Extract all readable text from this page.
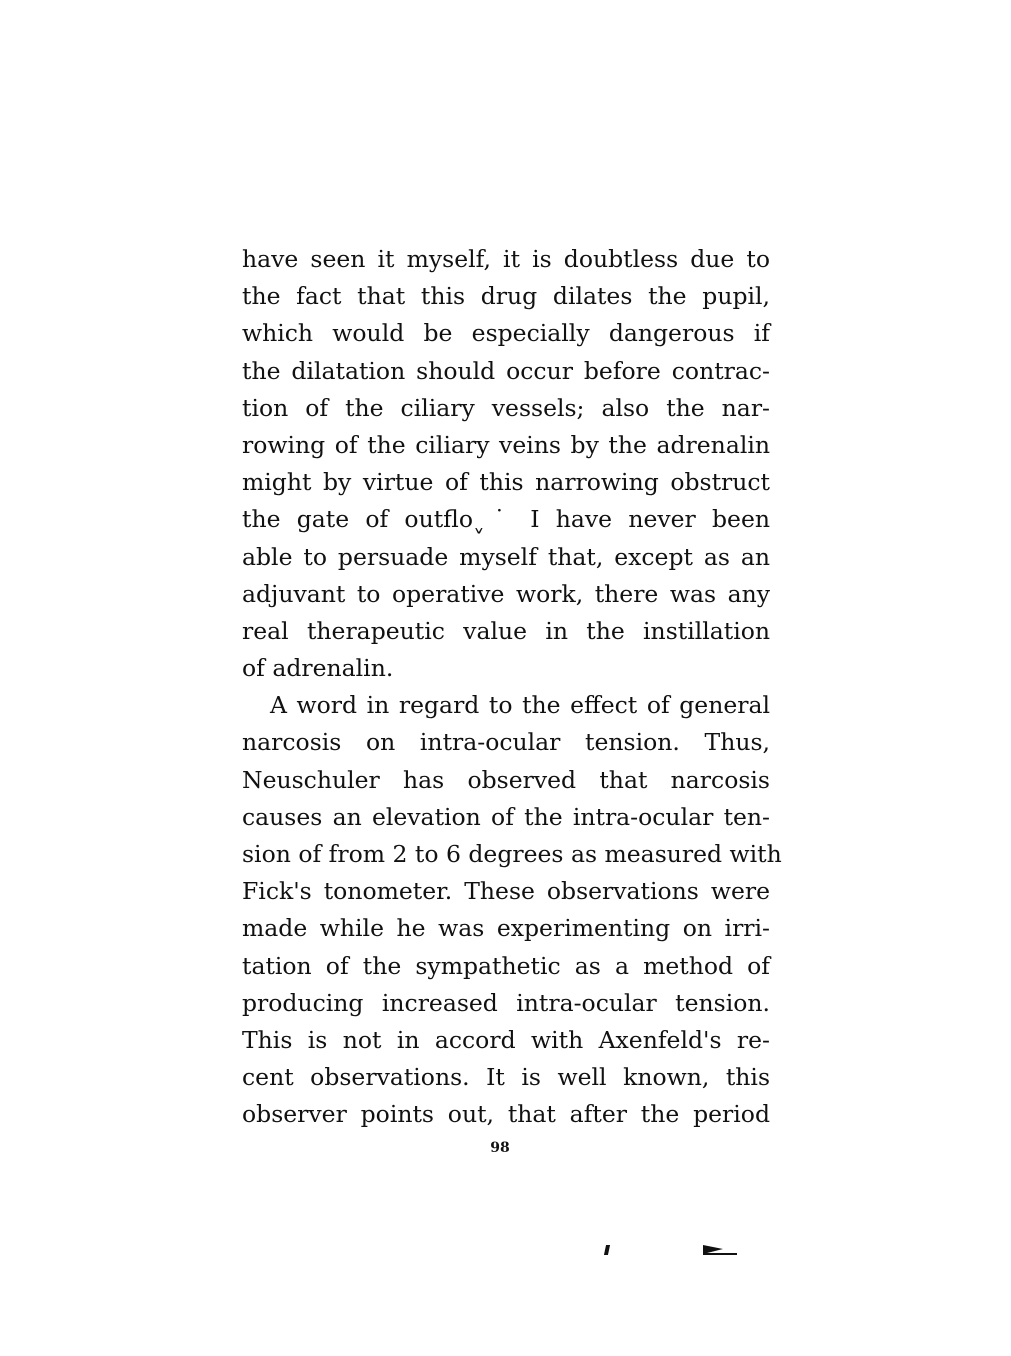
have seen it myself, it is doubtless due to
the fact that this drug dilates the pupil,
which would be especially dangerous if
the dilatation should occur before contrac-
tion of the ciliary vessels; also the nar-
rowing of the ciliary veins by the adrenalin
might by virtue of this narrowing obstruct
the gate of outfloˬ˙ I have never been
able to persuade myself that, except as an
adjuvant to operative work, there was any
real therapeutic value in the instillation
of adrenalin.
A word in regard to the effect of general
narcosis on intra-ocular tension. Thus,
Neuschuler has observed that narcosis
causes an elevation of the intra-ocular ten-
sion of from 2 to 6 degrees as measured with
Fick's tonometer. These observations were
made while he was experimenting on irri-
tation of the sympathetic as a method of
producing increased intra-ocular tension.
This is not in accord with Axenfeld's re-
cent observations. It is well known, this
observer points out, that after the period
98
